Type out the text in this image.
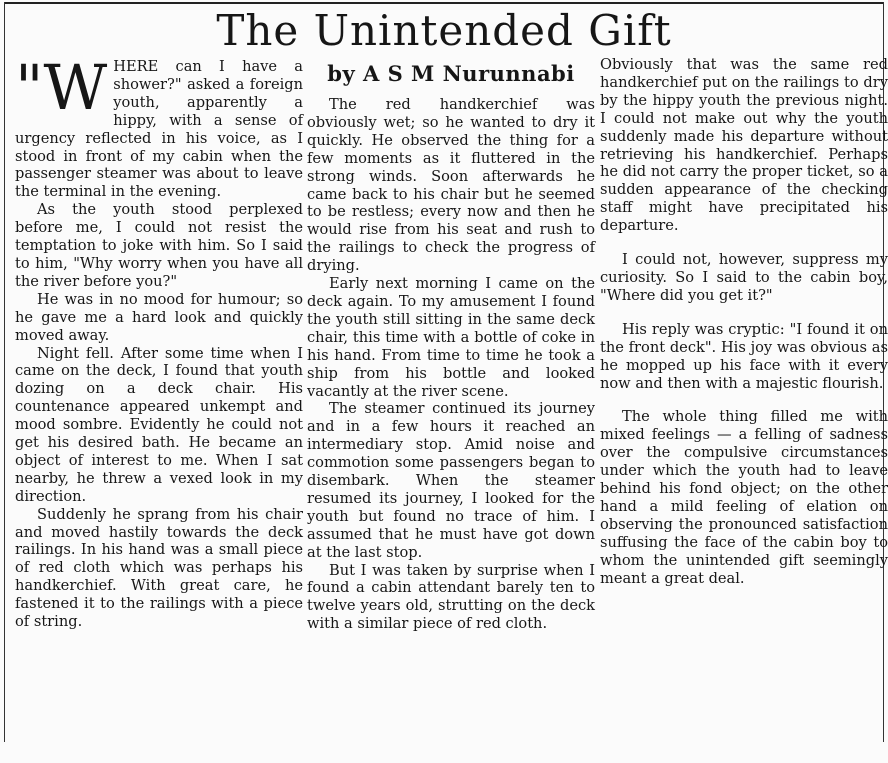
The Unintended Gift

"WHERE can I have a shower?" asked a foreign youth, apparently a hippy, with a sense of urgency reflected in his voice, as I stood in front of my cabin when the passenger steamer was about to leave the terminal in the evening.

As the youth stood perplexed before me, I could not resist the temptation to joke with him. So I said to him, "Why worry when you have all the river before you?"

He was in no mood for humour; so he gave me a hard look and quickly moved away.

Night fell. After some time when I came on the deck, I found that youth dozing on a deck chair. His countenance appeared unkempt and mood sombre. Evidently he could not get his desired bath. He became an object of interest to me. When I sat nearby, he threw a vexed look in my direction.

Suddenly he sprang from his chair and moved hastily towards the deck railings. In his hand was a small piece of red cloth which was perhaps his handkerchief. With great care, he fastened it to the railings with a piece of string.

by A S M Nurunnabi

The red handkerchief was obviously wet; so he wanted to dry it quickly. He observed the thing for a few moments as it fluttered in the strong winds. Soon afterwards he came back to his chair but he seemed to be restless; every now and then he would rise from his seat and rush to the railings to check the progress of drying.

Early next morning I came on the deck again. To my amusement I found the youth still sitting in the same deck chair, this time with a bottle of coke in his hand. From time to time he took a ship from his bottle and looked vacantly at the river scene.

The steamer continued its journey and in a few hours it reached an intermediary stop. Amid noise and commotion some passengers began to disembark. When the steamer resumed its journey, I looked for the youth but found no trace of him. I assumed that he must have got down at the last stop.

But I was taken by surprise when I found a cabin attendant barely ten to twelve years old, strutting on the deck with a similar piece of red cloth.

Obviously that was the same red handkerchief put on the railings to dry by the hippy youth the previous night. I could not make out why the youth suddenly made his departure without retrieving his handkerchief. Perhaps he did not carry the proper ticket, so a sudden appearance of the checking staff might have precipitated his departure.

I could not, however, suppress my curiosity. So I said to the cabin boy, "Where did you get it?"

His reply was cryptic: "I found it on the front deck". His joy was obvious as he mopped up his face with it every now and then with a majestic flourish.

The whole thing filled me with mixed feelings — a felling of sadness over the compulsive circumstances under which the youth had to leave behind his fond object; on the other hand a mild feeling of elation on observing the pronounced satisfaction suffusing the face of the cabin boy to whom the unintended gift seemingly meant a great deal.
